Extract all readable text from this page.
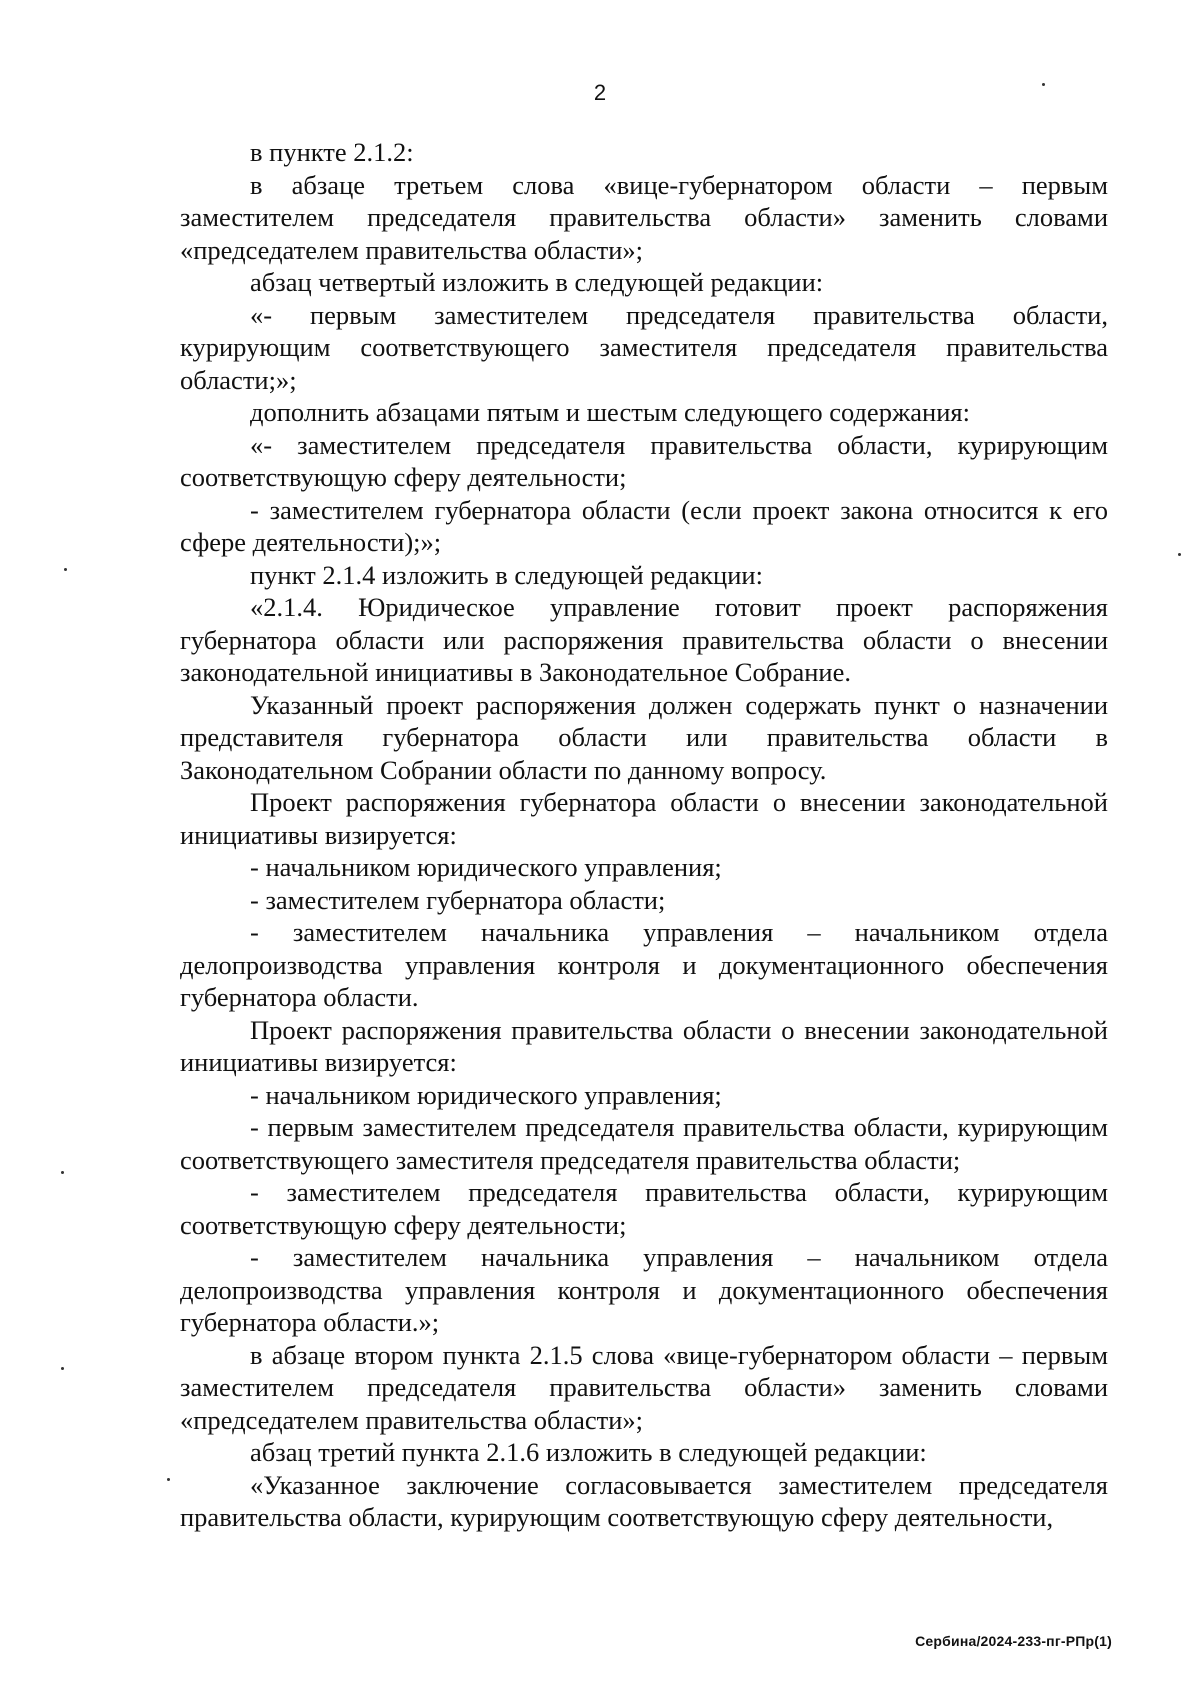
2

в пункте 2.1.2:

в абзаце третьем слова «вице-губернатором области – первым заместителем председателя правительства области» заменить словами «председателем правительства области»;

абзац четвертый изложить в следующей редакции:

«- первым заместителем председателя правительства области, курирующим соответствующего заместителя председателя правительства области;»;

дополнить абзацами пятым и шестым следующего содержания:

«- заместителем председателя правительства области, курирующим соответствующую сферу деятельности;

- заместителем губернатора области (если проект закона относится к его сфере деятельности);»;

пункт 2.1.4 изложить в следующей редакции:

«2.1.4. Юридическое управление готовит проект распоряжения губернатора области или распоряжения правительства области о внесении законодательной инициативы в Законодательное Собрание.

Указанный проект распоряжения должен содержать пункт о назначении представителя губернатора области или правительства области в Законодательном Собрании области по данному вопросу.

Проект распоряжения губернатора области о внесении законодательной инициативы визируется:

- начальником юридического управления;

- заместителем губернатора области;

- заместителем начальника управления – начальником отдела делопроизводства управления контроля и документационного обеспечения губернатора области.

Проект распоряжения правительства области о внесении законодательной инициативы визируется:

- начальником юридического управления;

- первым заместителем председателя правительства области, курирующим соответствующего заместителя председателя правительства области;

- заместителем председателя правительства области, курирующим соответствующую сферу деятельности;

- заместителем начальника управления – начальником отдела делопроизводства управления контроля и документационного обеспечения губернатора области.»;

в абзаце втором пункта 2.1.5 слова «вице-губернатором области – первым заместителем председателя правительства области» заменить словами «председателем правительства области»;

абзац третий пункта 2.1.6 изложить в следующей редакции:

«Указанное заключение согласовывается заместителем председателя правительства области, курирующим соответствующую сферу деятельности,

Сербина/2024-233-пг-РПр(1)
